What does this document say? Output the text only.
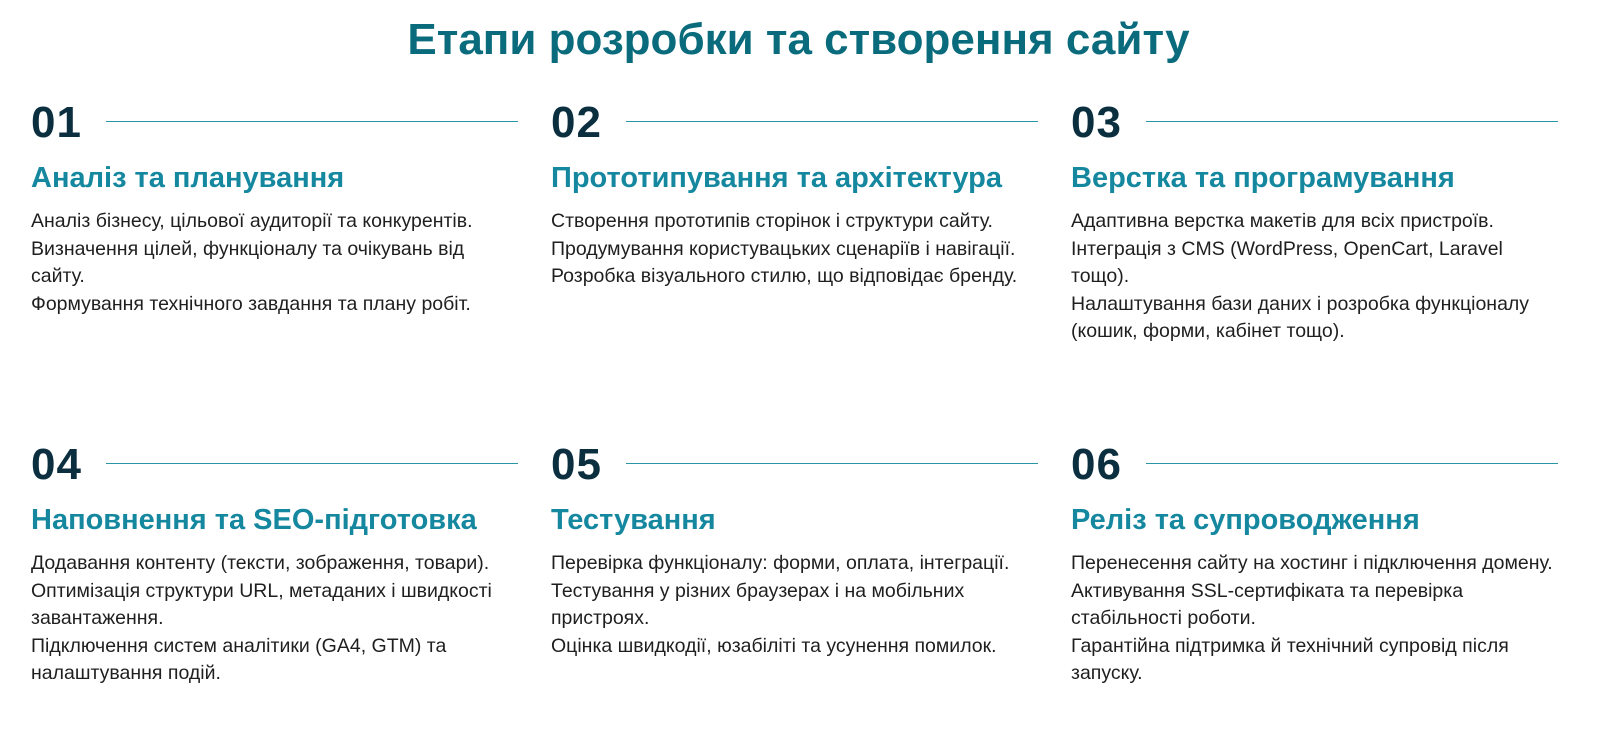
Етапи розробки та створення сайту
01
Аналіз та планування

Аналіз бізнесу, цільової аудиторії та конкурентів.

Визначення цілей, функціоналу та очікувань від сайту.

Формування технічного завдання та плану робіт.

02
Прототипування та архітектура

Створення прототипів сторінок і структури сайту.

Продумування користувацьких сценаріїв і навігації.

Розробка візуального стилю, що відповідає бренду.

03
Верстка та програмування

Адаптивна верстка макетів для всіх пристроїв.

Інтеграція з CMS (WordPress, OpenCart, Laravel тощо).

Налаштування бази даних і розробка функціоналу (кошик, форми, кабінет тощо).

04
Наповнення та SEO-підготовка

Додавання контенту (тексти, зображення, товари).

Оптимізація структури URL, метаданих і швидкості завантаження.

Підключення систем аналітики (GA4, GTM) та налаштування подій.

05
Тестування

Перевірка функціоналу: форми, оплата, інтеграції.

Тестування у різних браузерах і на мобільних пристроях.

Оцінка швидкодії, юзабіліті та усунення помилок.

06
Реліз та супроводження

Перенесення сайту на хостинг і підключення домену.

Активування SSL-сертифіката та перевірка стабільності роботи.

Гарантійна підтримка й технічний супровід після запуску.
